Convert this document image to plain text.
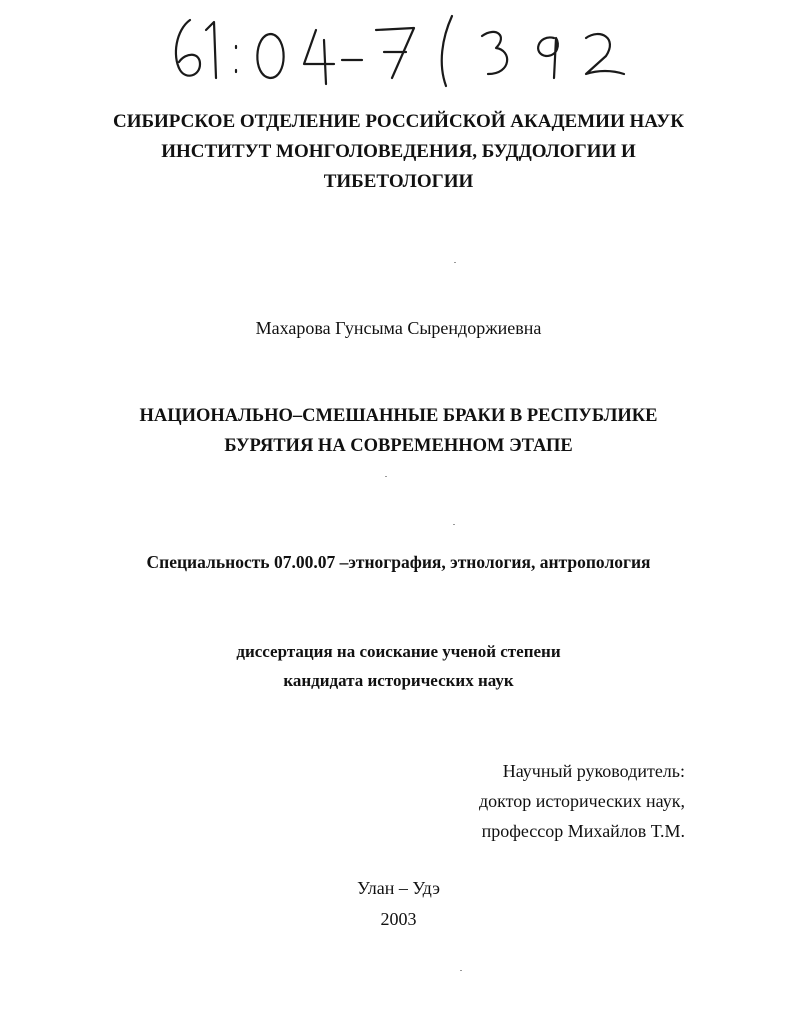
СИБИРСКОЕ ОТДЕЛЕНИЕ РОССИЙСКОЙ АКАДЕМИИ НАУК
ИНСТИТУТ МОНГОЛОВЕДЕНИЯ, БУДДОЛОГИИ И
ТИБЕТОЛОГИИ
Махарова Гунсыма Сырендоржиевна
НАЦИОНАЛЬНО–СМЕШАННЫЕ БРАКИ В РЕСПУБЛИКЕ
БУРЯТИЯ НА СОВРЕМЕННОМ ЭТАПЕ
Специальность 07.00.07 –этнография, этнология, антропология
диссертация на соискание ученой степени
кандидата исторических наук
Научный руководитель:
доктор исторических наук,
профессор Михайлов Т.М.
Улан – Удэ
2003
